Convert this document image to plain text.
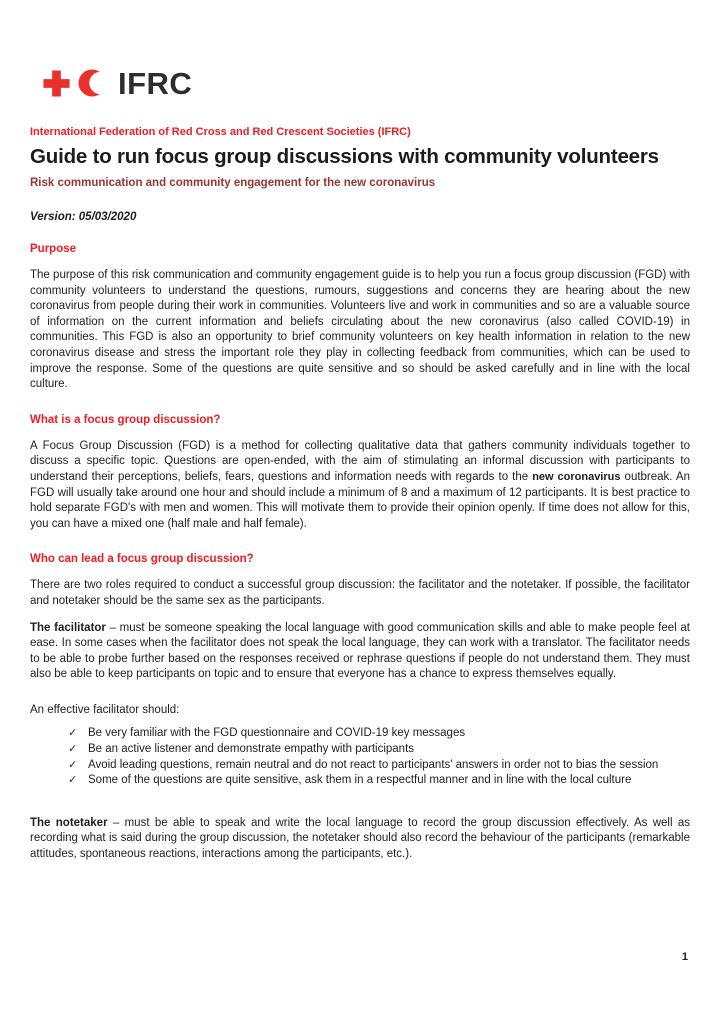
IFRC
International Federation of Red Cross and Red Crescent Societies (IFRC)
Guide to run focus group discussions with community volunteers
Risk communication and community engagement for the new coronavirus
Version: 05/03/2020
Purpose

The purpose of this risk communication and community engagement guide is to help you run a focus group discussion (FGD) with community volunteers to understand the questions, rumours, suggestions and concerns they are hearing about the new coronavirus from people during their work in communities. Volunteers live and work in communities and so are a valuable source of information on the current information and beliefs circulating about the new coronavirus (also called COVID-19) in communities. This FGD is also an opportunity to brief community volunteers on key health information in relation to the new coronavirus disease and stress the important role they play in collecting feedback from communities, which can be used to improve the response. Some of the questions are quite sensitive and so should be asked carefully and in line with the local culture.

What is a focus group discussion?

A Focus Group Discussion (FGD) is a method for collecting qualitative data that gathers community individuals together to discuss a specific topic. Questions are open-ended, with the aim of stimulating an informal discussion with participants to understand their perceptions, beliefs, fears, questions and information needs with regards to the new coronavirus outbreak. An FGD will usually take around one hour and should include a minimum of 8 and a maximum of 12 participants. It is best practice to hold separate FGD's with men and women. This will motivate them to provide their opinion openly. If time does not allow for this, you can have a mixed one (half male and half female).

Who can lead a focus group discussion?

There are two roles required to conduct a successful group discussion: the facilitator and the notetaker. If possible, the facilitator and notetaker should be the same sex as the participants.

The facilitator – must be someone speaking the local language with good communication skills and able to make people feel at ease. In some cases when the facilitator does not speak the local language, they can work with a translator. The facilitator needs to be able to probe further based on the responses received or rephrase questions if people do not understand them. They must also be able to keep participants on topic and to ensure that everyone has a chance to express themselves equally.

An effective facilitator should:

✓ Be very familiar with the FGD questionnaire and COVID-19 key messages
✓ Be an active listener and demonstrate empathy with participants
✓ Avoid leading questions, remain neutral and do not react to participants' answers in order not to bias the session
✓ Some of the questions are quite sensitive, ask them in a respectful manner and in line with the local culture

The notetaker – must be able to speak and write the local language to record the group discussion effectively. As well as recording what is said during the group discussion, the notetaker should also record the behaviour of the participants (remarkable attitudes, spontaneous reactions, interactions among the participants, etc.).

1
